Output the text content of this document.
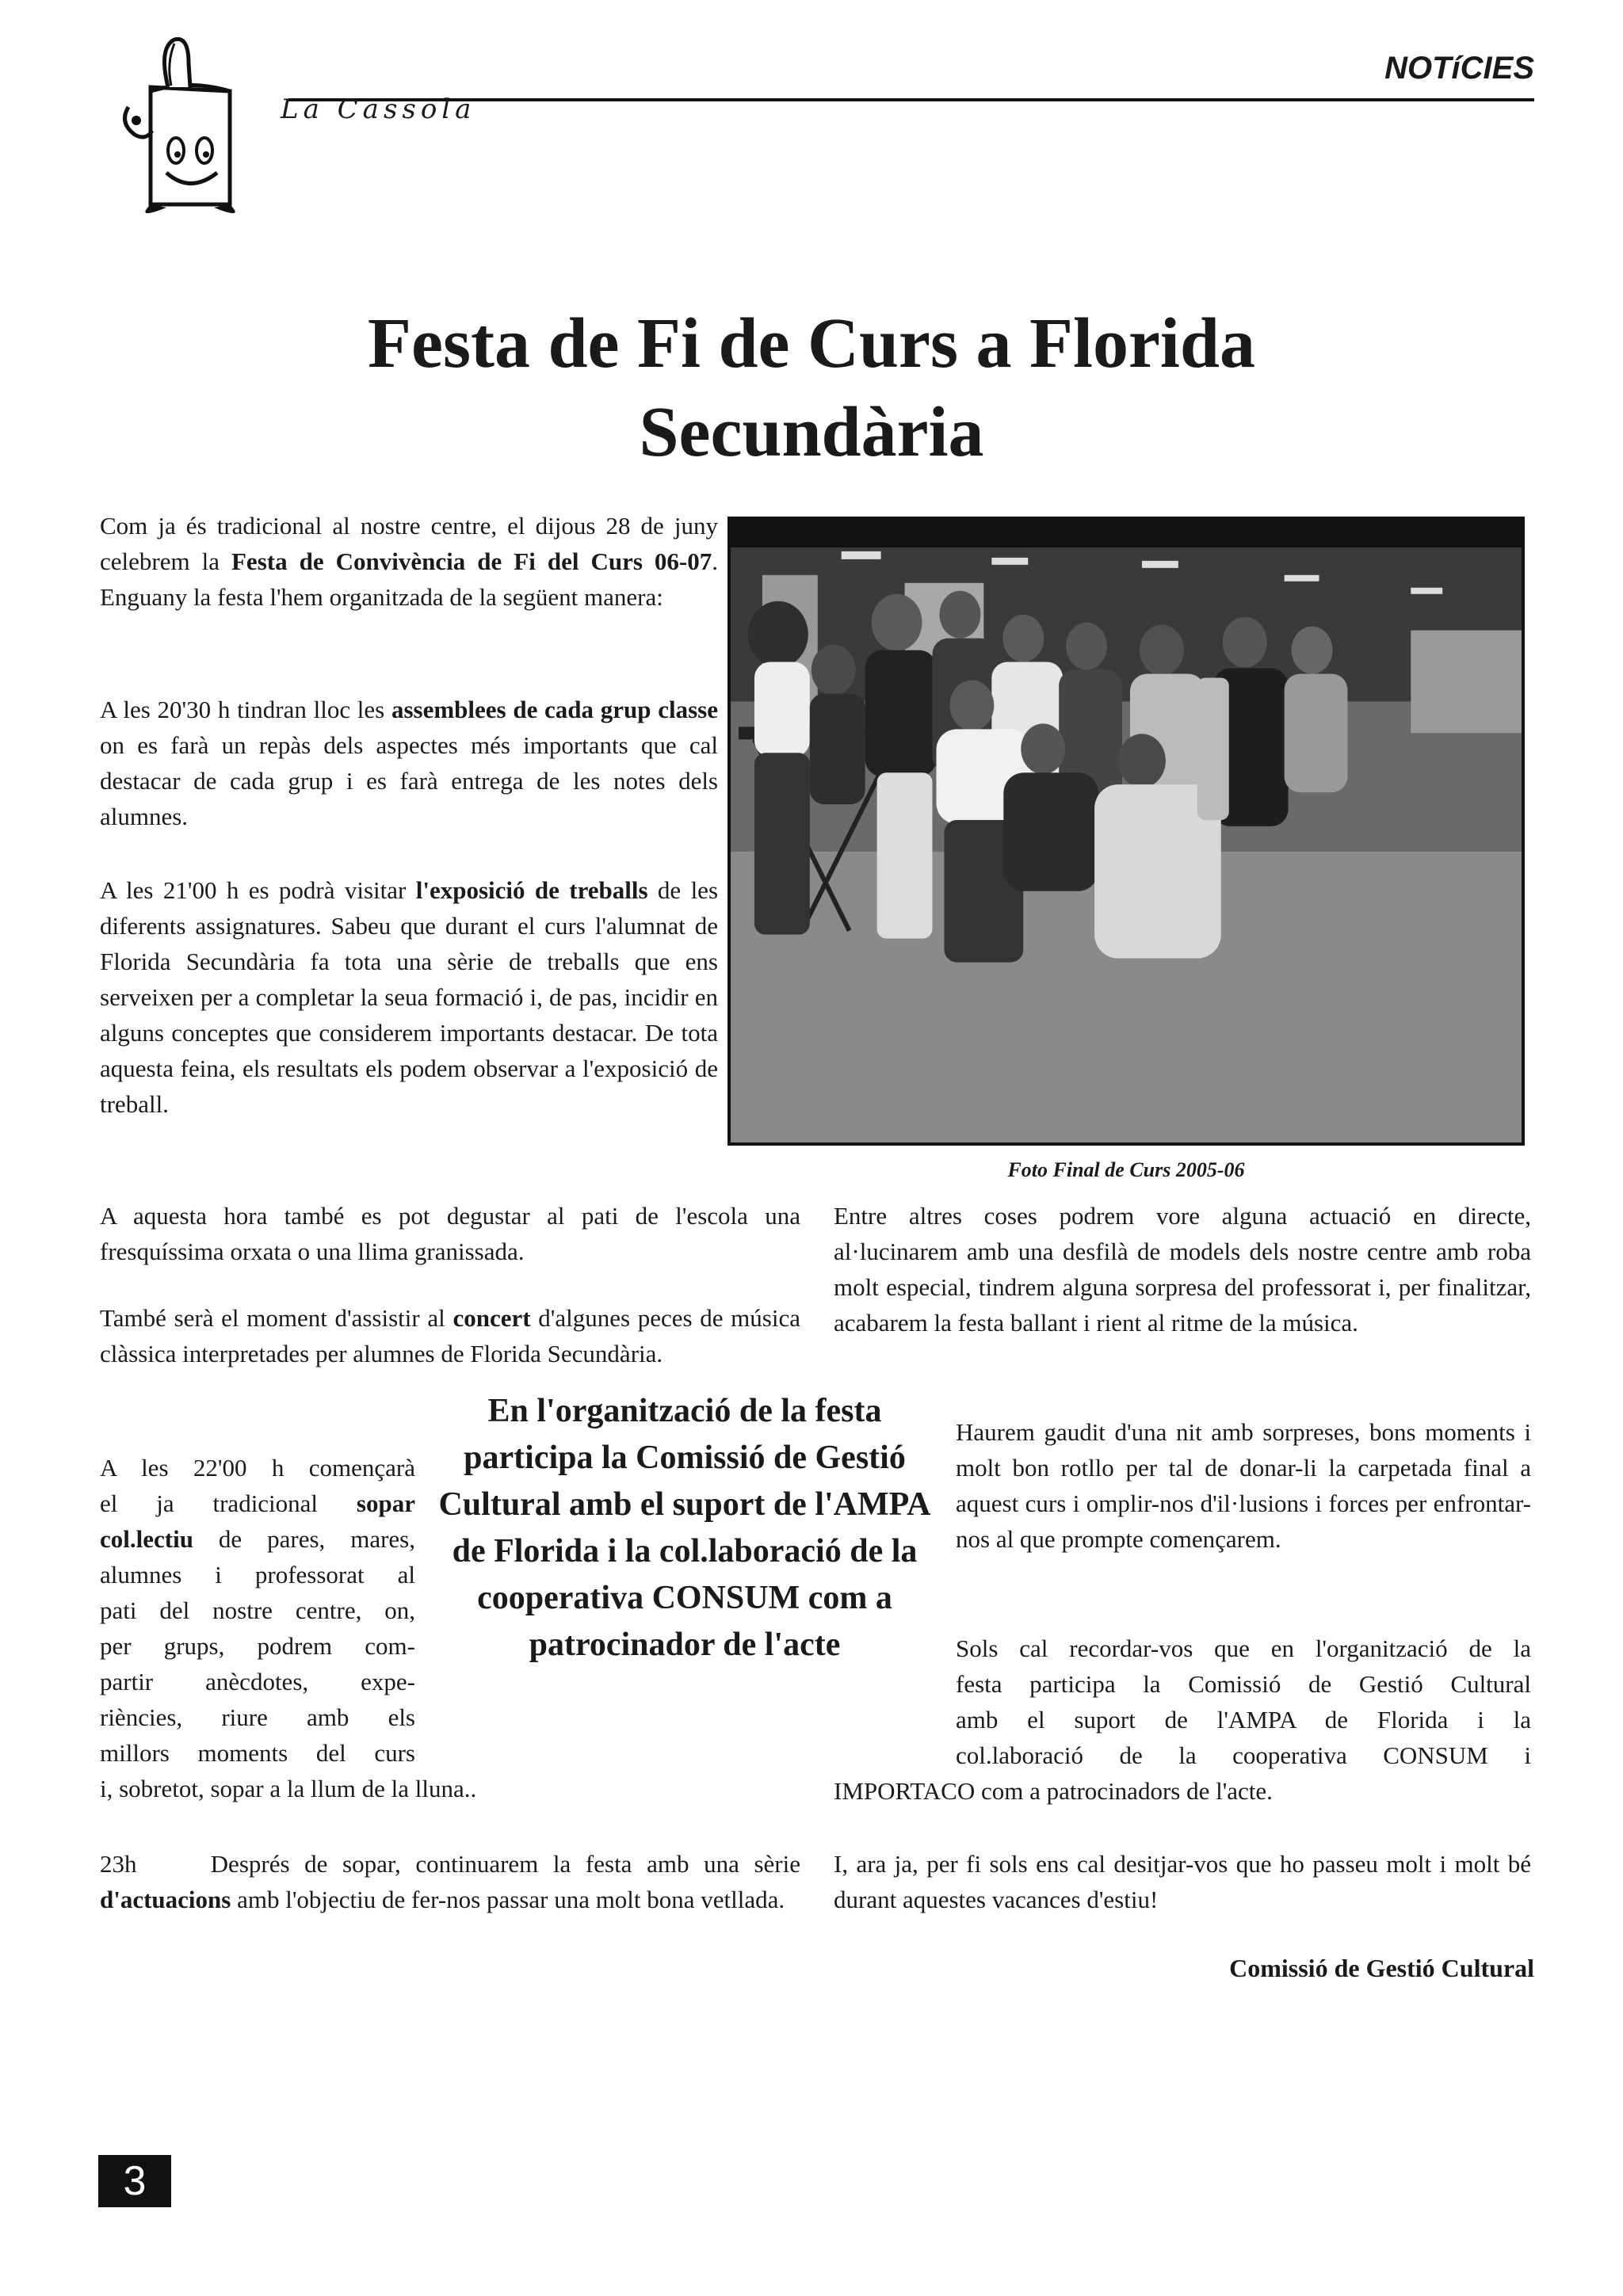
NOTíCIES
La Cassola
Festa de Fi de Curs a Florida
Secundària

Com ja és tradicional al nostre centre, el dijous 28 de juny celebrem la Festa de Convivència de Fi del Curs 06-07. Enguany la festa l'hem organitzada de la següent manera:

A les 20'30 h tindran lloc les assemblees de cada grup classe on es farà un repàs dels aspectes més importants que cal destacar de cada grup i es farà entrega de les notes dels alumnes.

A les 21'00 h es podrà visitar l'exposició de treballs de les diferents assignatures. Sabeu que durant el curs l'alumnat de Florida Secundària fa tota una sèrie de treballs que ens serveixen per a completar la seua formació i, de pas, incidir en alguns conceptes que considerem importants destacar. De tota aquesta feina, els resultats els podem observar a l'exposició de treball.

Foto Final de Curs 2005-06

A aquesta hora també es pot degustar al pati de l'escola una fresquíssima orxata o una llima granissada.

També serà el moment d'assistir al concert d'algunes peces de música clàssica interpretades per alumnes de Florida Secundària.

A les 22'00 h començarà
el ja tradicional sopar
col.lectiu de pares, mares,
alumnes i professorat al
pati del nostre centre, on,
per grups, podrem com-
partir anècdotes, expe-
riències, riure amb els
millors moments del curs
i, sobretot, sopar a la llum de la lluna..

23h     Després de sopar, continuarem la festa amb una sèrie d'actuacions amb l'objectiu de fer-nos passar una molt bona vetllada.

En l'organització de la festa participa la Comissió de Gestió Cultural amb el suport de l'AMPA de Florida i la col.laboració de la cooperativa CONSUM com a patrocinador de l'acte

Entre altres coses podrem vore alguna actuació en directe, al·lucinarem amb una desfilà de models dels nostre centre amb roba molt especial, tindrem alguna sorpresa del professorat i, per finalitzar, acabarem la festa ballant i rient al ritme de la música.

Haurem gaudit d'una nit amb sorpreses, bons moments i molt bon rotllo per tal de donar-li la carpetada final a aquest curs i omplir-nos d'il·lusions i forces per enfrontar-nos al que prompte començarem.

Sols cal recordar-vos que en l'organització de la
festa participa la Comissió de Gestió Cultural
amb el suport de l'AMPA de Florida i la
col.laboració de la cooperativa CONSUM i
IMPORTACO com a patrocinadors de l'acte.

I, ara ja, per fi sols ens cal desitjar-vos que ho passeu molt i molt bé durant aquestes vacances d'estiu!

Comissió de Gestió Cultural
3
